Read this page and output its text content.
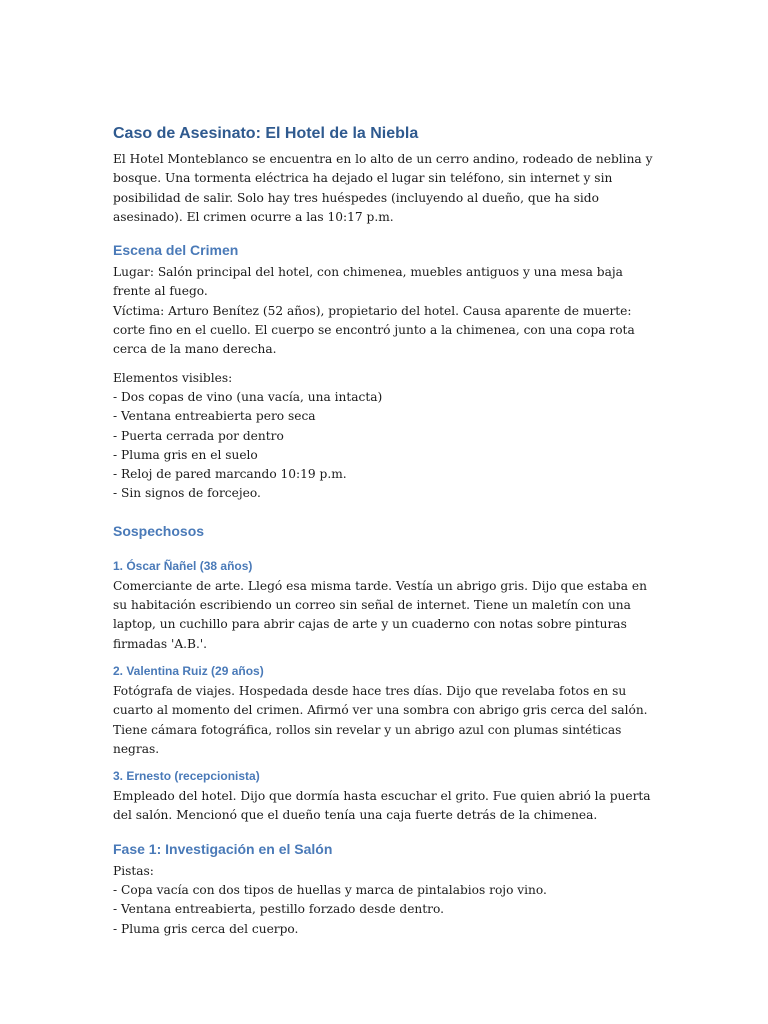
Caso de Asesinato: El Hotel de la Niebla

El Hotel Monteblanco se encuentra en lo alto de un cerro andino, rodeado de neblina y bosque. Una tormenta eléctrica ha dejado el lugar sin teléfono, sin internet y sin posibilidad de salir. Solo hay tres huéspedes (incluyendo al dueño, que ha sido asesinado). El crimen ocurre a las 10:17 p.m.

Escena del Crimen

Lugar: Salón principal del hotel, con chimenea, muebles antiguos y una mesa baja frente al fuego.

Víctima: Arturo Benítez (52 años), propietario del hotel. Causa aparente de muerte: corte fino en el cuello. El cuerpo se encontró junto a la chimenea, con una copa rota cerca de la mano derecha.

Elementos visibles:

- Dos copas de vino (una vacía, una intacta)
- Ventana entreabierta pero seca
- Puerta cerrada por dentro
- Pluma gris en el suelo
- Reloj de pared marcando 10:19 p.m.
- Sin signos de forcejeo.
Sospechosos
1. Óscar Ñañel (38 años)

Comerciante de arte. Llegó esa misma tarde. Vestía un abrigo gris. Dijo que estaba en su habitación escribiendo un correo sin señal de internet. Tiene un maletín con una laptop, un cuchillo para abrir cajas de arte y un cuaderno con notas sobre pinturas firmadas 'A.B.'.

2. Valentina Ruiz (29 años)

Fotógrafa de viajes. Hospedada desde hace tres días. Dijo que revelaba fotos en su cuarto al momento del crimen. Afirmó ver una sombra con abrigo gris cerca del salón. Tiene cámara fotográfica, rollos sin revelar y un abrigo azul con plumas sintéticas negras.

3. Ernesto (recepcionista)

Empleado del hotel. Dijo que dormía hasta escuchar el grito. Fue quien abrió la puerta del salón. Mencionó que el dueño tenía una caja fuerte detrás de la chimenea.

Fase 1: Investigación en el Salón

Pistas:

- Copa vacía con dos tipos de huellas y marca de pintalabios rojo vino.
- Ventana entreabierta, pestillo forzado desde dentro.
- Pluma gris cerca del cuerpo.
